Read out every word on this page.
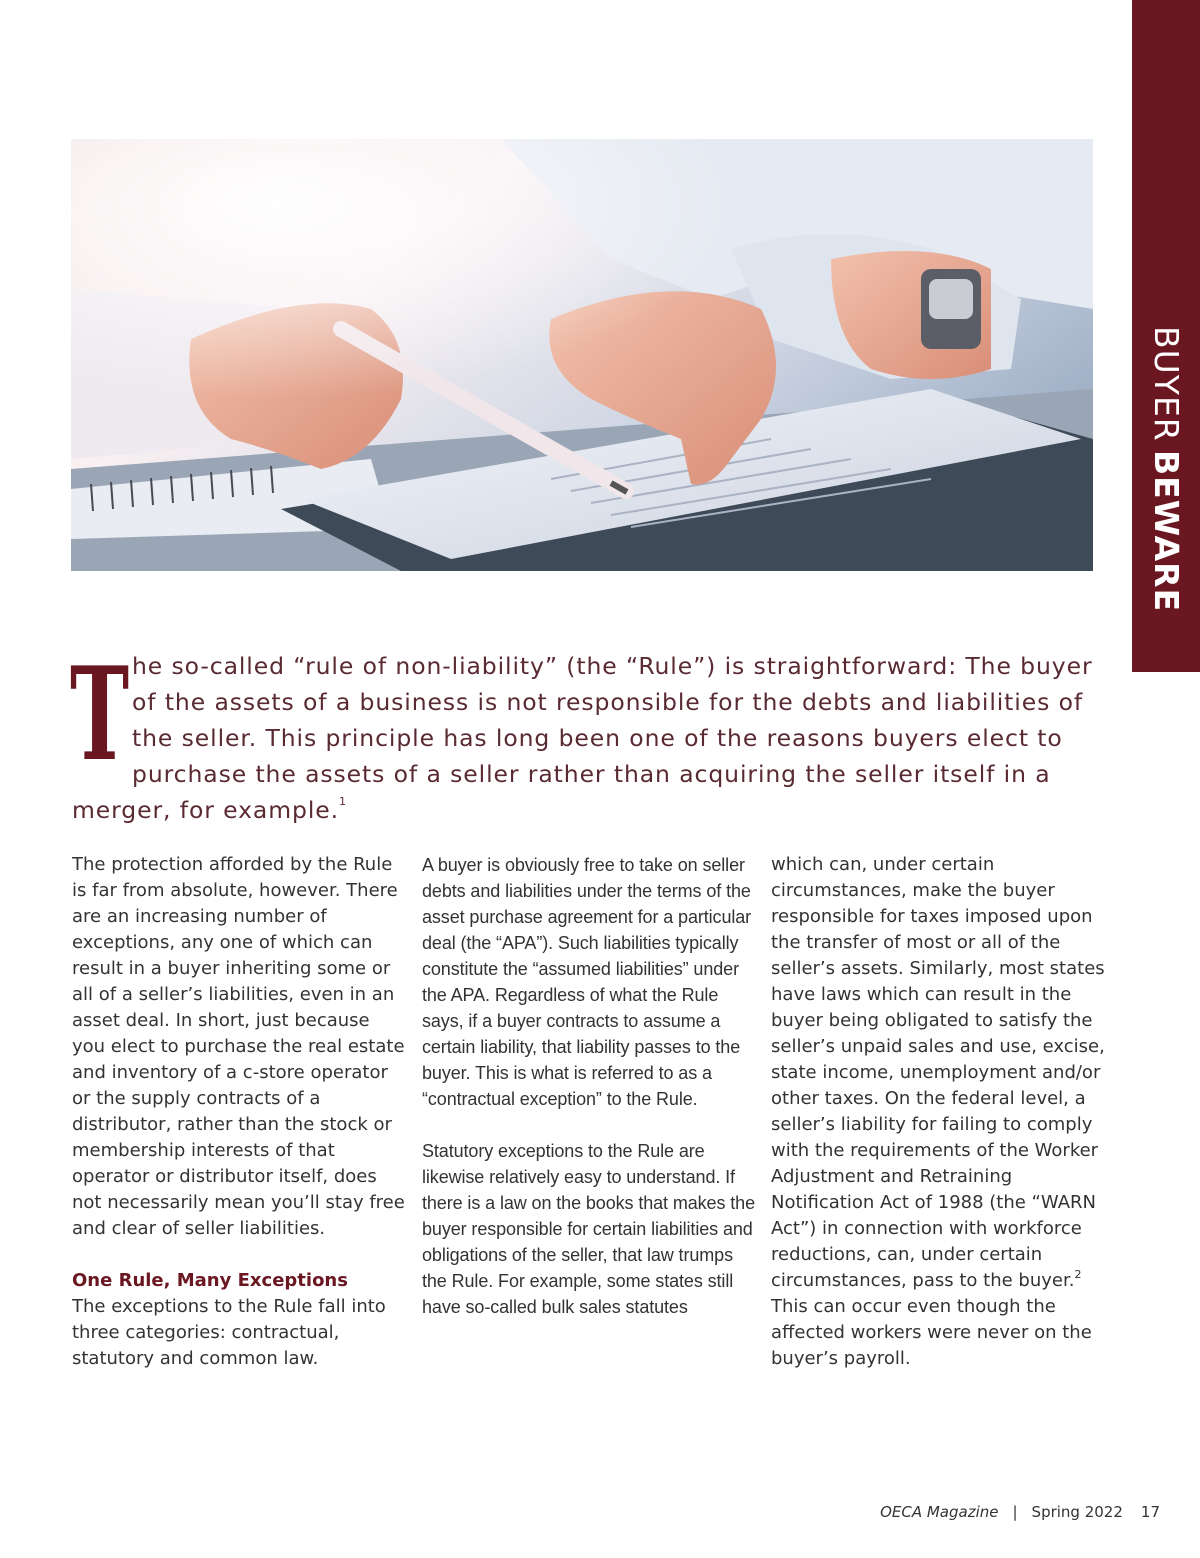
BUYER
BEWARE
The so-called “rule of non-liability” (the “Rule”) is straightforward: The buyer of the assets of a business is not responsible for the debts and liabilities of the seller. This principle has long been one of the reasons buyers elect to purchase the assets of a seller rather than acquiring the seller itself in a merger, for example.$^1$

The protection afforded by the Rule is far from absolute, however. There are an increasing number of exceptions, any one of which can result in a buyer inheriting some or all of a seller’s liabilities, even in an asset deal. In short, just because you elect to purchase the real estate and inventory of a c-store operator or the supply contracts of a distributor, rather than the stock or membership interests of that operator or distributor itself, does not necessarily mean you’ll stay free and clear of seller liabilities.

One Rule, Many Exceptions

The exceptions to the Rule fall into three categories: contractual, statutory and common law.

A buyer is obviously free to take on seller debts and liabilities under the terms of the asset purchase agreement for a particular deal (the “APA”). Such liabilities typically constitute the “assumed liabilities” under the APA. Regardless of what the Rule says, if a buyer contracts to assume a certain liability, that liability passes to the buyer. This is what is referred to as a “contractual exception” to the Rule.

Statutory exceptions to the Rule are likewise relatively easy to understand. If there is a law on the books that makes the buyer responsible for certain liabilities and obligations of the seller, that law trumps the Rule. For example, some states still have so-called bulk sales statutes

which can, under certain circumstances, make the buyer responsible for taxes imposed upon the transfer of most or all of the seller’s assets. Similarly, most states have laws which can result in the buyer being obligated to satisfy the seller’s unpaid sales and use, excise, state income, unemployment and/or other taxes. On the federal level, a seller’s liability for failing to comply with the requirements of the Worker Adjustment and Retraining Notification Act of 1988 (the “WARN Act”) in connection with workforce reductions, can, under certain circumstances, pass to the buyer.$^2$ This can occur even though the affected workers were never on the buyer’s payroll.

OECA Magazine | Spring 2022 17
